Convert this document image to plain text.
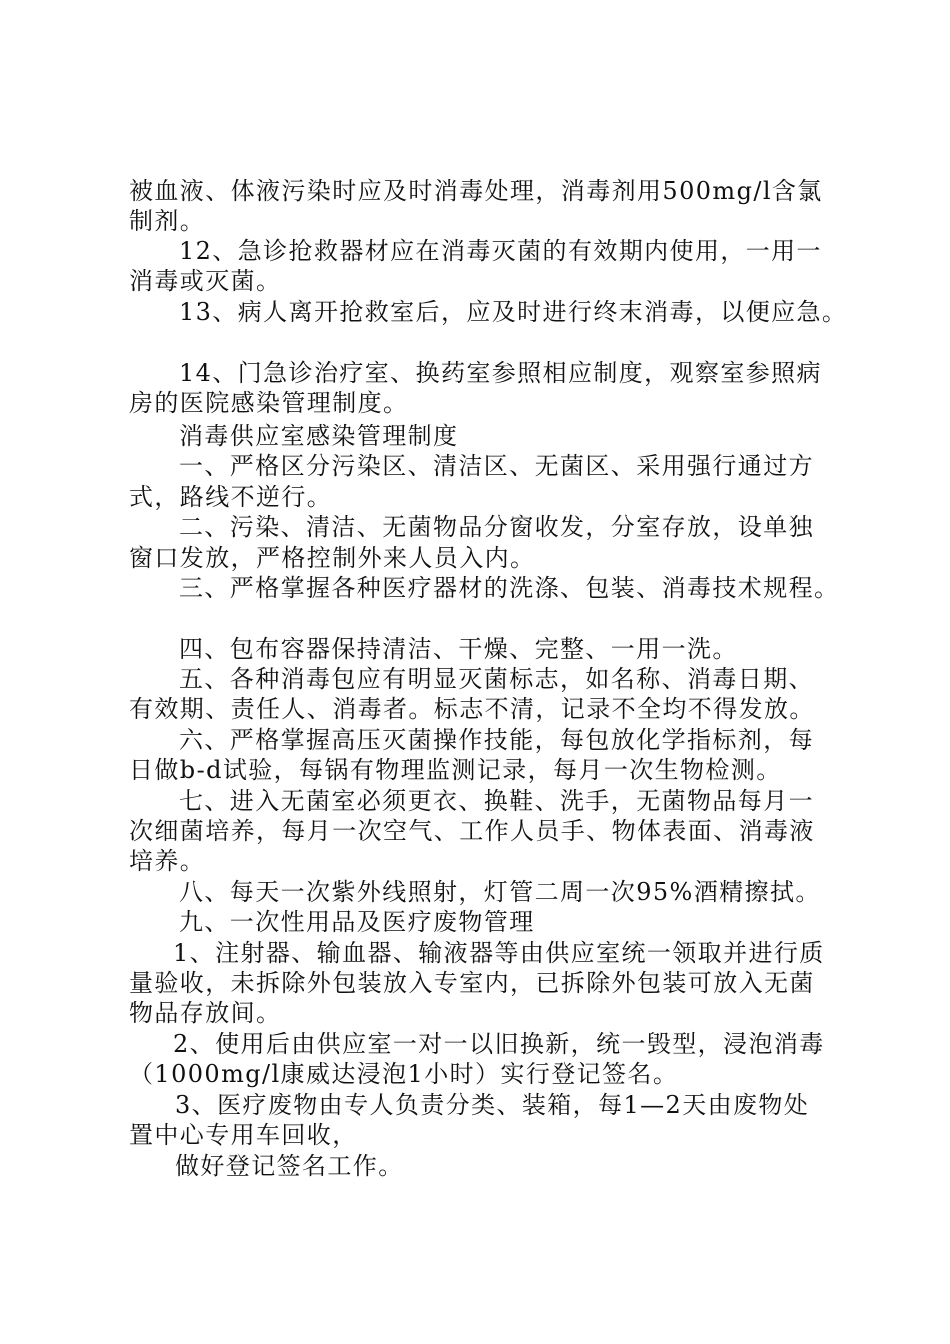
被血液、体液污染时应及时消毒处理，消毒剂用500mg/l含氯
制剂。
12、急诊抢救器材应在消毒灭菌的有效期内使用，一用一
消毒或灭菌。
13、病人离开抢救室后，应及时进行终末消毒，以便应急。
14、门急诊治疗室、换药室参照相应制度，观察室参照病
房的医院感染管理制度。
消毒供应室感染管理制度
一、严格区分污染区、清洁区、无菌区、采用强行通过方
式，路线不逆行。
二、污染、清洁、无菌物品分窗收发，分室存放，设单独
窗口发放，严格控制外来人员入内。
三、严格掌握各种医疗器材的洗涤、包装、消毒技术规程。
四、包布容器保持清洁、干燥、完整、一用一洗。
五、各种消毒包应有明显灭菌标志，如名称、消毒日期、
有效期、责任人、消毒者。标志不清，记录不全均不得发放。
六、严格掌握高压灭菌操作技能，每包放化学指标剂，每
日做b-d试验，每锅有物理监测记录，每月一次生物检测。
七、进入无菌室必须更衣、换鞋、洗手，无菌物品每月一
次细菌培养，每月一次空气、工作人员手、物体表面、消毒液
培养。
八、每天一次紫外线照射，灯管二周一次95%酒精擦拭。
九、一次性用品及医疗废物管理
1、注射器、输血器、输液器等由供应室统一领取并进行质
量验收，未拆除外包装放入专室内，已拆除外包装可放入无菌
物品存放间。
2、使用后由供应室一对一以旧换新，统一毁型，浸泡消毒
（1000mg/l康威达浸泡1小时）实行登记签名。
3、医疗废物由专人负责分类、装箱，每1—2天由废物处
置中心专用车回收，
做好登记签名工作。
